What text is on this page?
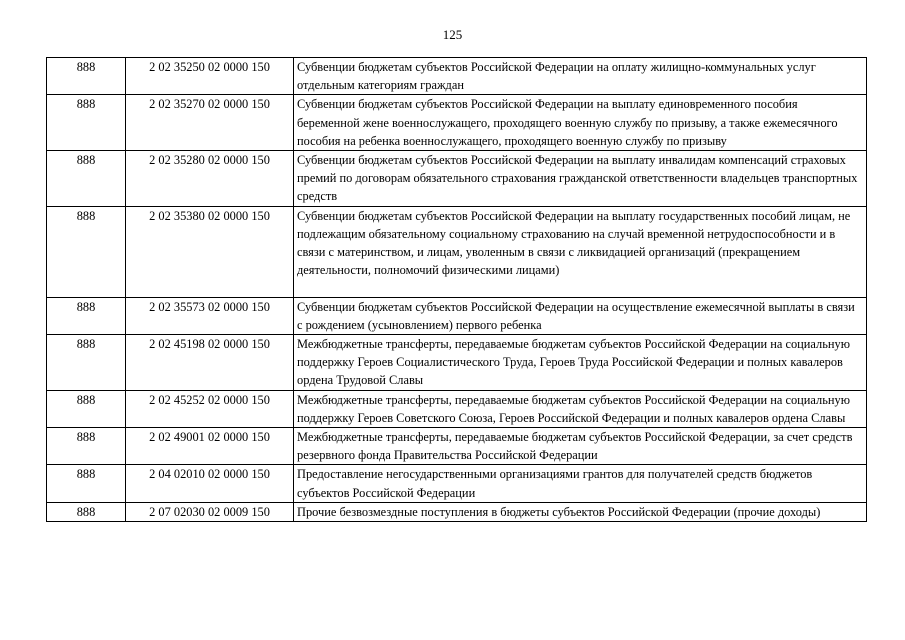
125
888	2 02 35250 02 0000 150	Субвенции бюджетам субъектов Российской Федерации на оплату жилищно-коммунальных услуг отдельным категориям граждан
888	2 02 35270 02 0000 150	Субвенции бюджетам субъектов Российской Федерации на выплату единовременного пособия беременной жене военнослужащего, проходящего военную службу по призыву, а также ежемесячного пособия на ребенка военнослужащего, проходящего военную службу по призыву
888	2 02 35280 02 0000 150	Субвенции бюджетам субъектов Российской Федерации на выплату инвалидам компенсаций страховых премий по договорам обязательного страхования гражданской ответственности владельцев транспортных средств
888	2 02 35380 02 0000 150	Субвенции бюджетам субъектов Российской Федерации на выплату государственных пособий лицам, не подлежащим обязательному социальному страхованию на случай временной нетрудоспособности и в связи с материнством, и лицам, уволенным в связи с ликвидацией организаций (прекращением деятельности, полномочий физическими лицами)
888	2 02 35573 02 0000 150	Субвенции бюджетам субъектов Российской Федерации на осуществление ежемесячной выплаты в связи с рождением (усыновлением) первого ребенка
888	2 02 45198 02 0000 150	Межбюджетные трансферты, передаваемые бюджетам субъектов Российской Федерации на социальную поддержку Героев Социалистического Труда, Героев Труда Российской Федерации и полных кавалеров ордена Трудовой Славы
888	2 02 45252 02 0000 150	Межбюджетные трансферты, передаваемые бюджетам субъектов Российской Федерации на социальную поддержку Героев Советского Союза, Героев Российской Федерации и полных кавалеров ордена Славы
888	2 02 49001 02 0000 150	Межбюджетные трансферты, передаваемые бюджетам субъектов Российской Федерации, за счет средств резервного фонда Правительства Российской Федерации
888	2 04 02010 02 0000 150	Предоставление негосударственными организациями грантов для получателей средств бюджетов субъектов Российской Федерации
888	2 07 02030 02 0009 150	Прочие безвозмездные поступления в бюджеты субъектов Российской Федерации (прочие доходы)
